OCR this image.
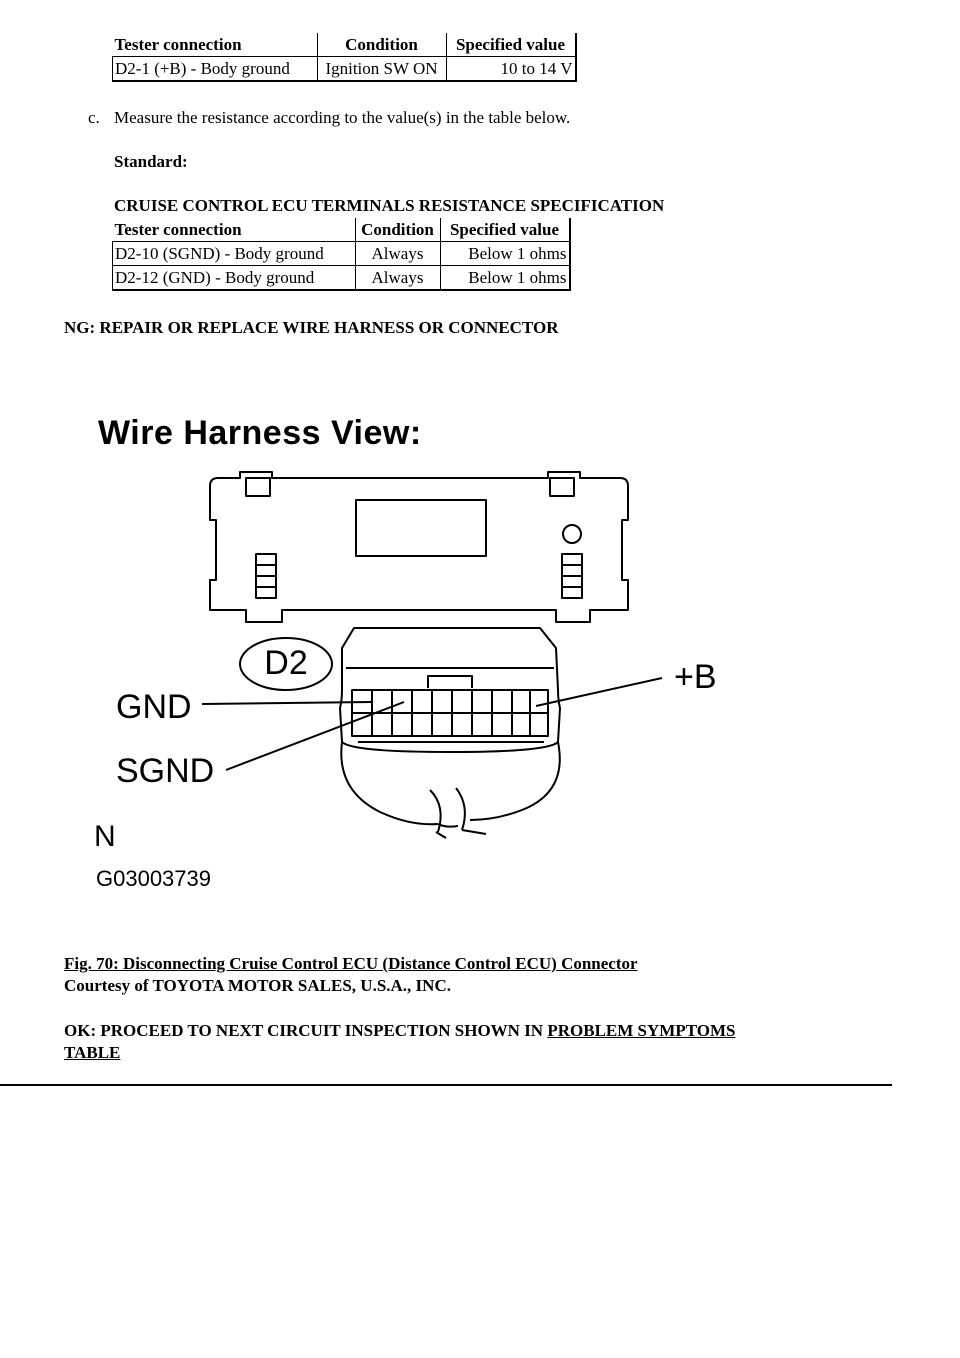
Tester connection	Condition	Specified value
D2-1 (+B) - Body ground	Ignition SW ON	10 to 14 V
c. Measure the resistance according to the value(s) in the table below.
Standard:
CRUISE CONTROL ECU TERMINALS RESISTANCE SPECIFICATION
Tester connection	Condition	Specified value
D2-10 (SGND) - Body ground	Always	Below 1 ohms
D2-12 (GND) - Body ground	Always	Below 1 ohms
NG: REPAIR OR REPLACE WIRE HARNESS OR CONNECTOR
Wire Harness View:
D2
GND
SGND
+B
N
G03003739
Fig. 70: Disconnecting Cruise Control ECU (Distance Control ECU) Connector
Courtesy of TOYOTA MOTOR SALES, U.S.A., INC.
OK: PROCEED TO NEXT CIRCUIT INSPECTION SHOWN IN PROBLEM SYMPTOMS
TABLE
